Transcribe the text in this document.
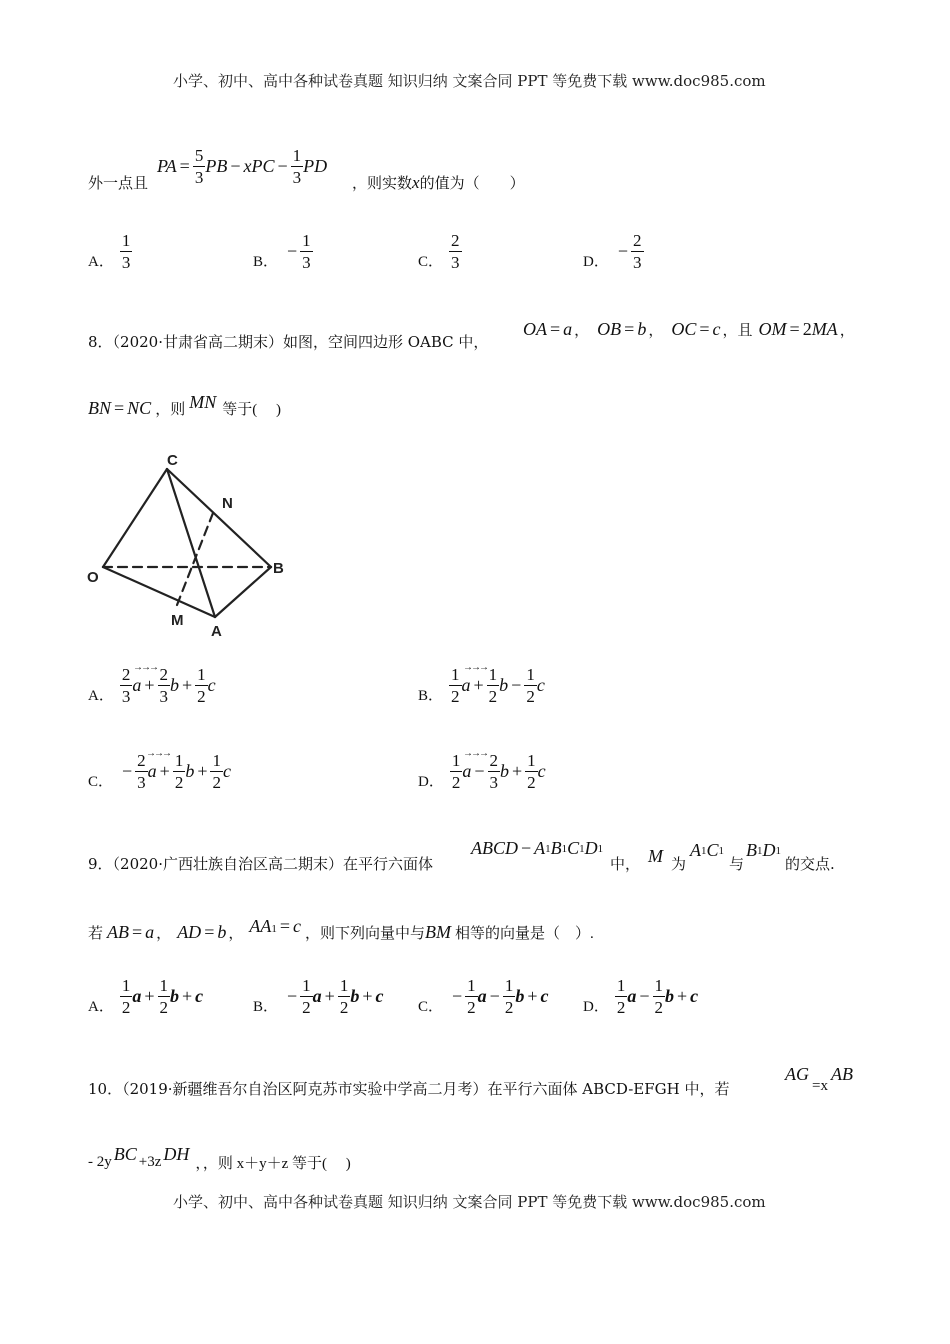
小学、初中、高中各种试卷真题 知识归纳 文案合同 PPT 等免费下载 www.doc985.com
外一点且
PA = $\frac{5}{3}$ PB − xPC − $\frac{1}{3}$ PD
，则实数x的值为（　　）
A． $\frac{1}{3}$	B．
− $\frac{1}{3}$	C． $\frac{2}{3}$	D．
− $\frac{2}{3}$
8．（2020·甘肃省高二期末）如图，空间四边形 OABC 中，
OA = a ， OB = b ， OC = c ，且 OM = 2 MA ，
BN = NC ，则 MN 等于(　 )
C
N
O
B
M
A
A． $\frac{2}{3}$ $a + \frac{2}{3}$ $b + \frac{1}{2}$ c
→→→
B． $\frac{1}{2}$ $a + \frac{1}{2}$ $b - \frac{1}{2}$ c
→→→
C．
− $\frac{2}{3}$ $a + \frac{1}{2}$ $b + \frac{1}{2}$ c
→→→
D． $\frac{1}{2}$ $a - \frac{2}{3}$ $b + \frac{1}{2}$ c
→→→
9．（2020·广西壮族自治区高二期末）在平行六面体
ABCD − A 1 B 1 C 1 D 1
中， M 为
A 1 C 1
与
B 1 D 1
的交点.
若 AB = a ， AD = b ， $AA_1 = c$ ，则下列向量中与 BM 相等的向量是（　）.
A． $\frac{1}{2}$ $a + \frac{1}{2}$ b + c
B．
− $\frac{1}{2}$ $a + \frac{1}{2}$ b + c
C．
− $\frac{1}{2}$ $a - \frac{1}{2}$ b + c
D． $\frac{1}{2}$ $a - \frac{1}{2}$ b + c
10．（2019·新疆维吾尔自治区阿克苏市实验中学高二月考）在平行六面体 ABCD-EFGH 中，若
AG
=x
AB
- 2y BC +3z DH ，，则 x＋y＋z 等于(　 )
小学、初中、高中各种试卷真题 知识归纳 文案合同 PPT 等免费下载 www.doc985.com
